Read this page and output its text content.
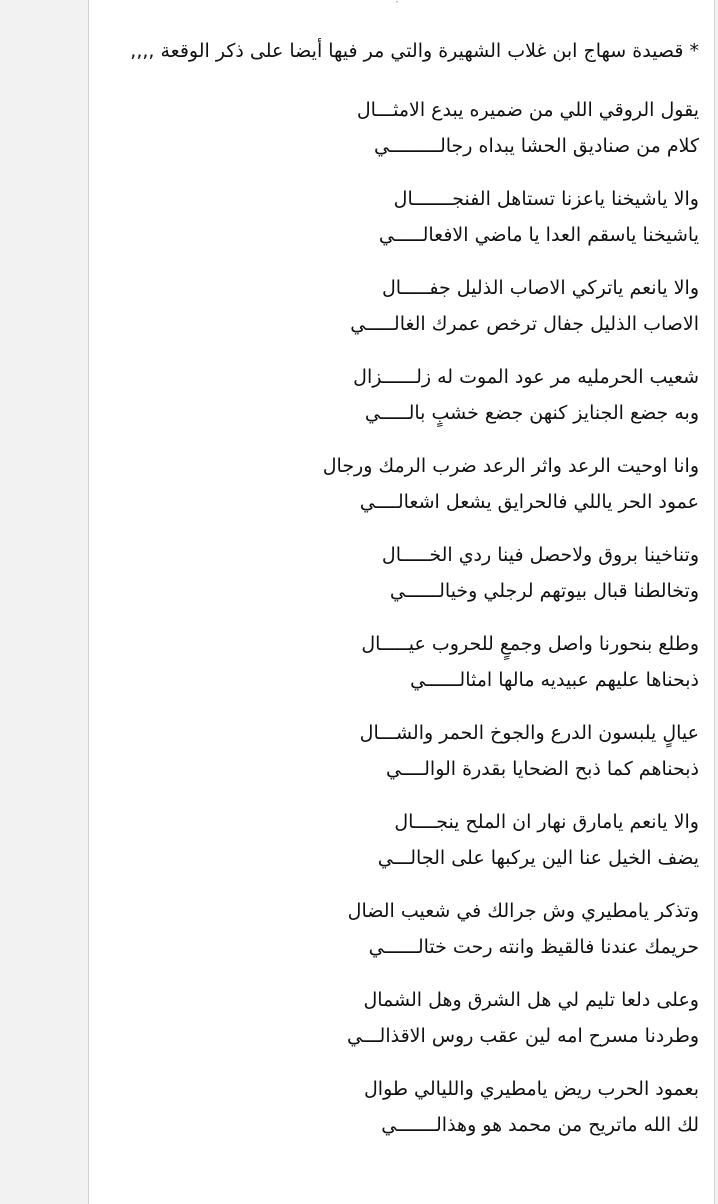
* قصيدة سهاج ابن غلاب الشهيرة والتي مر فيها أيضا على ذكر الوقعة ,,,,

يقول الروقي اللي من ضميره يبدع الامثـــال
كلام من صناديق الحشا يبداه رجالـــــــــي
والا ياشيخنا ياعزنا تستاهل الفنجـــــــال
ياشيخنا ياسقم العدا يا ماضي الافعالـــــي
والا يانعم ياتركي الاصاب الذليل جفـــــال
الاصاب الذليل جفال ترخص عمرك الغالـــــي
شعيب الحرمليه مر عود الموت له زلــــــزال
وبه جضع الجنايز كنهن جضع خشبٍ بالـــــي
وانا اوحيت الرعد واثر الرعد ضرب الرمك ورجال
عمود الحر ياللي فالحرايق يشعل اشعالــــي
وتناخينا بروق ولاحصل فينا ردي الخـــــال
وتخالطنا قبال بيوتهم لرجلي وخيالــــــي
وطلع بنحورنا واصل وجمعٍ للحروب عيـــــال
ذبحناها عليهم عبيديه مالها امثالــــــي
عيالٍ يلبسون الدرع والجوخ الحمر والشـــال
ذبحناهم كما ذبح الضحايا بقدرة الوالــــي
والا يانعم يامارق نهار ان الملح ينجــــال
يضف الخيل عنا الين يركبها على الجالـــي
وتذكر يامطيري وش جرالك في شعيب الضال
حريمك عندنا فالقيظ وانته رحت ختالــــــي
وعلى دلعا تليم لي هل الشرق وهل الشمال
وطردنا مسرح امه لين عقب روس الاقذالـــي
بعمود الحرب ريض يامطيري والليالي طوال
لك الله ماتريح من محمد هو وهذالـــــــي
